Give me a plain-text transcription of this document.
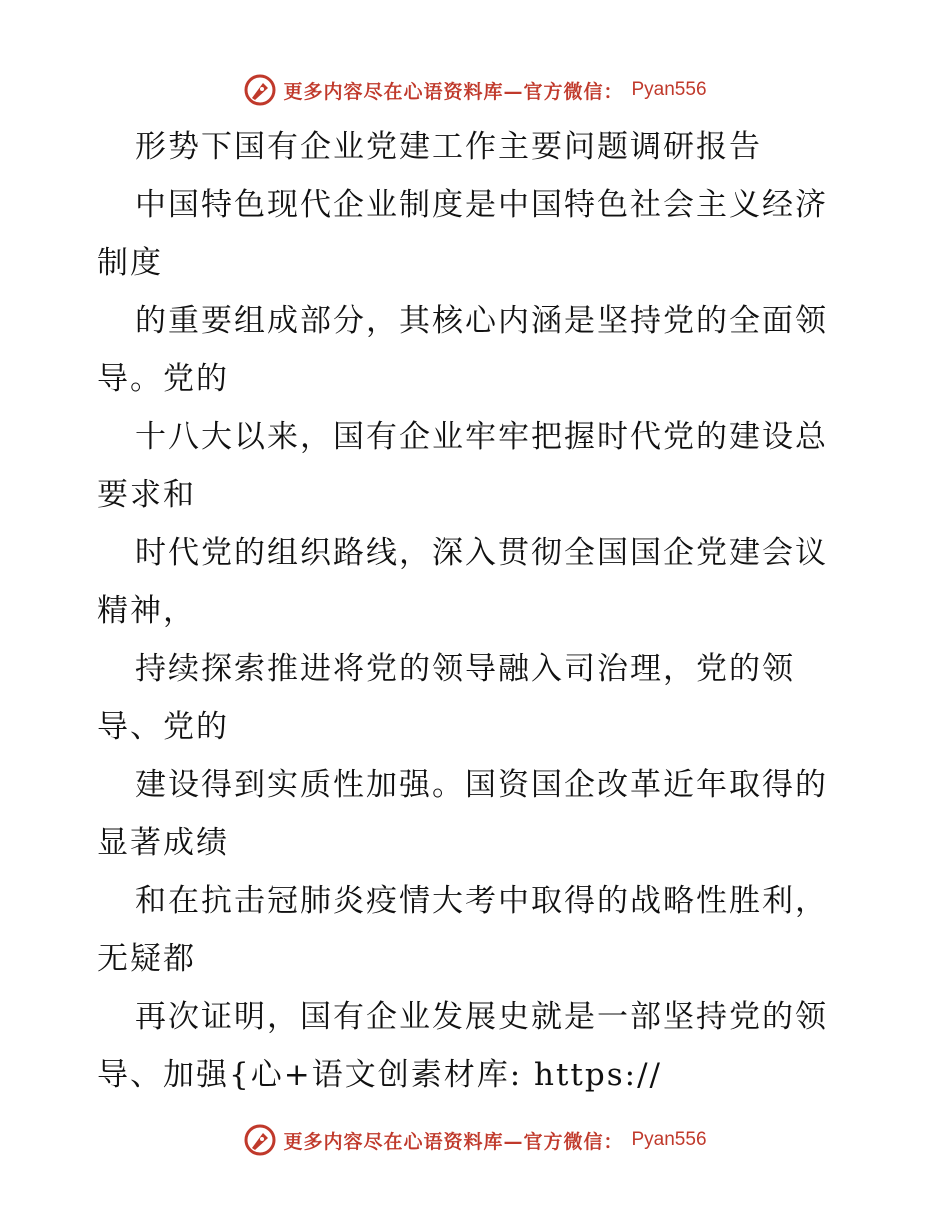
更多内容尽在心语资料库—官方微信： Pyan556
形势下国有企业党建工作主要问题调研报告
中国特色现代企业制度是中国特色社会主义经济
制度
的重要组成部分，其核心内涵是坚持党的全面领
导。党的
十八大以来，国有企业牢牢把握时代党的建设总
要求和
时代党的组织路线，深入贯彻全国国企党建会议
精神，
持续探索推进将党的领导融入司治理，党的领
导、党的
建设得到实质性加强。国资国企改革近年取得的
显著成绩
和在抗击冠肺炎疫情大考中取得的战略性胜利，
无疑都
再次证明，国有企业发展史就是一部坚持党的领
导、加强{心+语文创素材库: https://
更多内容尽在心语资料库—官方微信： Pyan556
